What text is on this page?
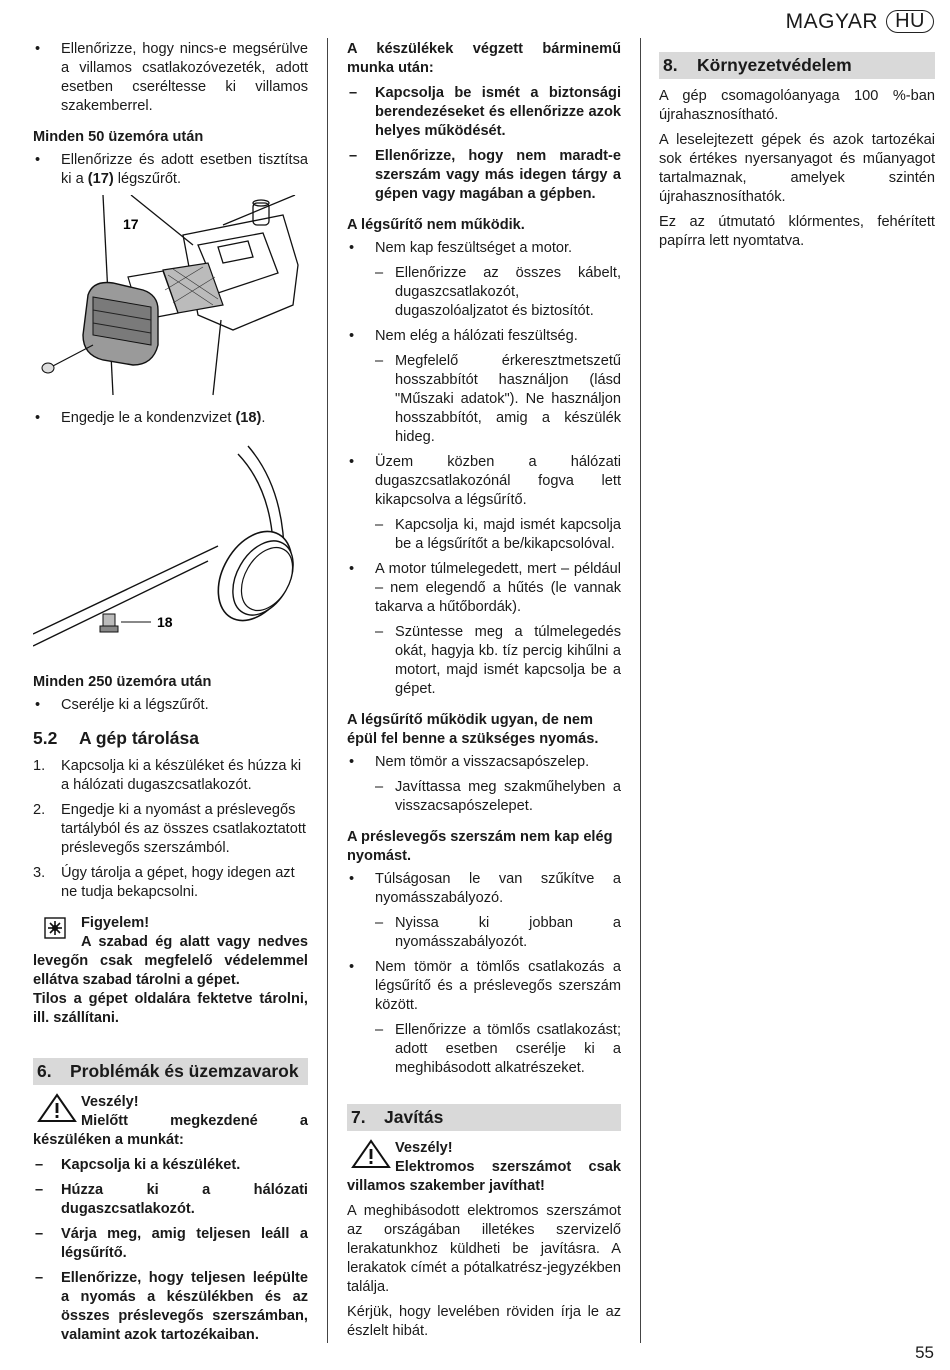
MAGYAR HU
• Ellenőrizze, hogy nincs-e megsérülve a villamos csatlakozóvezeték, adott esetben cseréltesse ki villamos szakemberrel.
Minden 50 üzemóra után
• Ellenőrizze és adott esetben tisztítsa ki a (17) légszűrőt.
17
• Engedje le a kondenzvizet (18).
18
Minden 250 üzemóra után
• Cserélje ki a légszűrőt.
5.2 A gép tárolása
1. Kapcsolja ki a készüléket és húzza ki a hálózati dugaszcsatlakozót.
2. Engedje ki a nyomást a préslevegős tartályból és az összes csatlakoztatott préslevegős szerszámból.
3. Úgy tárolja a gépet, hogy idegen azt ne tudja bekapcsolni.
Figyelem!
A szabad ég alatt vagy nedves levegőn csak megfelelő védelemmel ellátva szabad tárolni a gépet.
Tilos a gépet oldalára fektetve tárolni, ill. szállítani.
6.	Problémák és üzemzavarok
Veszély!
Mielőtt megkezdené a készüléken a munkát:
– Kapcsolja ki a készüléket.
– Húzza ki a hálózati dugaszcsatlakozót.
– Várja meg, amig teljesen leáll a légsűrítő.
– Ellenőrizze, hogy teljesen leépülte a nyomás a készülékben és az összes préslevegős szerszámban, valamint azok tartozékaiban.
A készülékek végzett bárminemű munka után:
– Kapcsolja be ismét a biztonsági berendezéseket és ellenőrizze azok helyes működését.
– Ellenőrizze, hogy nem maradt-e szerszám vagy más idegen tárgy a gépen vagy magában a gépben.
A légsűrítő nem működik.
• Nem kap feszültséget a motor.
– Ellenőrizze az összes kábelt, dugaszcsatlakozót, dugaszolóaljzatot és biztosítót.
• Nem elég a hálózati feszültség.
– Megfelelő érkeresztmetszetű hosszabbítót használjon (lásd "Műszaki adatok"). Ne használjon hosszabbítót, amig a készülék hideg.
• Üzem közben a hálózati dugaszcsatlakozónál fogva lett kikapcsolva a légsűrítő.
– Kapcsolja ki, majd ismét kapcsolja be a légsűrítőt a be/kikapcsolóval.
• A motor túlmelegedett, mert – például – nem elegendő a hűtés (le vannak takarva a hűtőbordák).
– Szüntesse meg a túlmelegedés okát, hagyja kb. tíz percig kihűlni a motort, majd ismét kapcsolja be a gépet.
A légsűrítő működik ugyan, de nem épül fel benne a szükséges nyomás.
• Nem tömör a visszacsapószelep.
– Javíttassa meg szakműhelyben a visszacsapószelepet.
A préslevegős szerszám nem kap elég nyomást.
• Túlságosan le van szűkítve a nyomásszabályozó.
– Nyissa ki jobban a nyomásszabályozót.
• Nem tömör a tömlős csatlakozás a légsűrítő és a préslevegős szerszám között.
– Ellenőrizze a tömlős csatlakozást; adott esetben cserélje ki a meghibásodott alkatrészeket.
7.	Javítás
Veszély!
Elektromos szerszámot csak villamos szakember javíthat!

A meghibásodott elektromos szerszámot az országában illetékes szervizelő lerakatunkhoz küldheti be javításra. A lerakatok címét a pótalkatrész-jegyzékben találja.

Kérjük, hogy levelében röviden írja le az észlelt hibát.

8.	Környezetvédelem

A gép csomagolóanyaga 100 %-ban újrahasznosítható.

A leselejtezett gépek és azok tartozékai sok értékes nyersanyagot és műanyagot tartalmaznak, amelyek szintén újrahasznosíthatók.

Ez az útmutató klórmentes, fehérített papírra lett nyomtatva.

55
